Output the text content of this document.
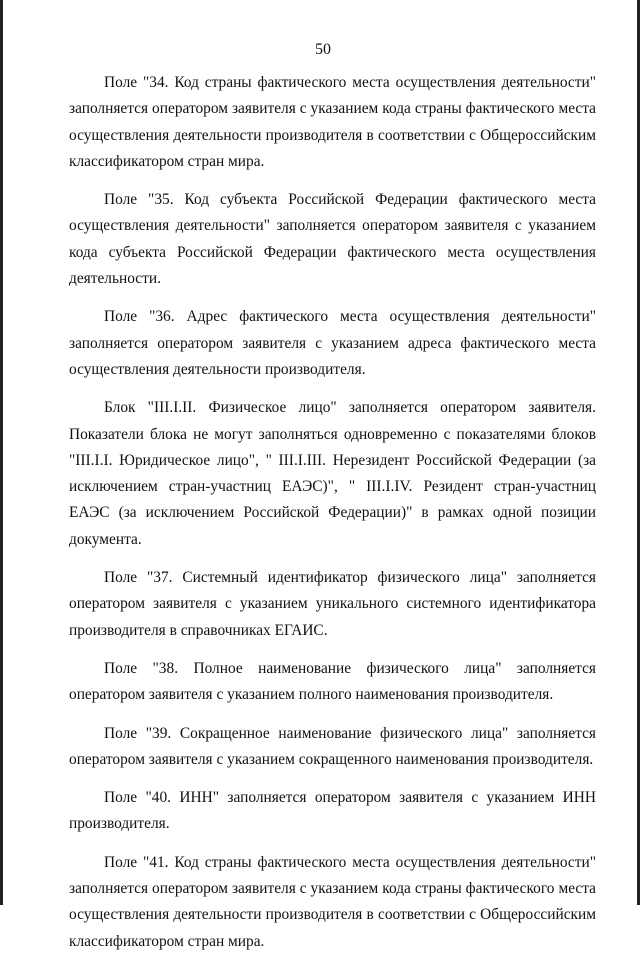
50

Поле "34. Код страны фактического места осуществления деятельности" заполняется оператором заявителя с указанием кода страны фактического места осуществления деятельности производителя в соответствии с Общероссийским классификатором стран мира.

Поле "35. Код субъекта Российской Федерации фактического места осуществления деятельности" заполняется оператором заявителя с указанием кода субъекта Российской Федерации фактического места осуществления деятельности.

Поле "36. Адрес фактического места осуществления деятельности" заполняется оператором заявителя с указанием адреса фактического места осуществления деятельности производителя.

Блок "III.I.II. Физическое лицо" заполняется оператором заявителя. Показатели блока не могут заполняться одновременно с показателями блоков "III.I.I. Юридическое лицо", " III.I.III. Нерезидент Российской Федерации (за исключением стран-участниц ЕАЭС)", " III.I.IV. Резидент стран-участниц ЕАЭС (за исключением Российской Федерации)" в рамках одной позиции документа.

Поле "37. Системный идентификатор физического лица" заполняется оператором заявителя с указанием уникального системного идентификатора производителя в справочниках ЕГАИС.

Поле "38. Полное наименование физического лица" заполняется оператором заявителя с указанием полного наименования производителя.

Поле "39. Сокращенное наименование физического лица" заполняется оператором заявителя с указанием сокращенного наименования производителя.

Поле "40. ИНН" заполняется оператором заявителя с указанием ИНН производителя.

Поле "41. Код страны фактического места осуществления деятельности" заполняется оператором заявителя с указанием кода страны фактического места осуществления деятельности производителя в соответствии с Общероссийским классификатором стран мира.
